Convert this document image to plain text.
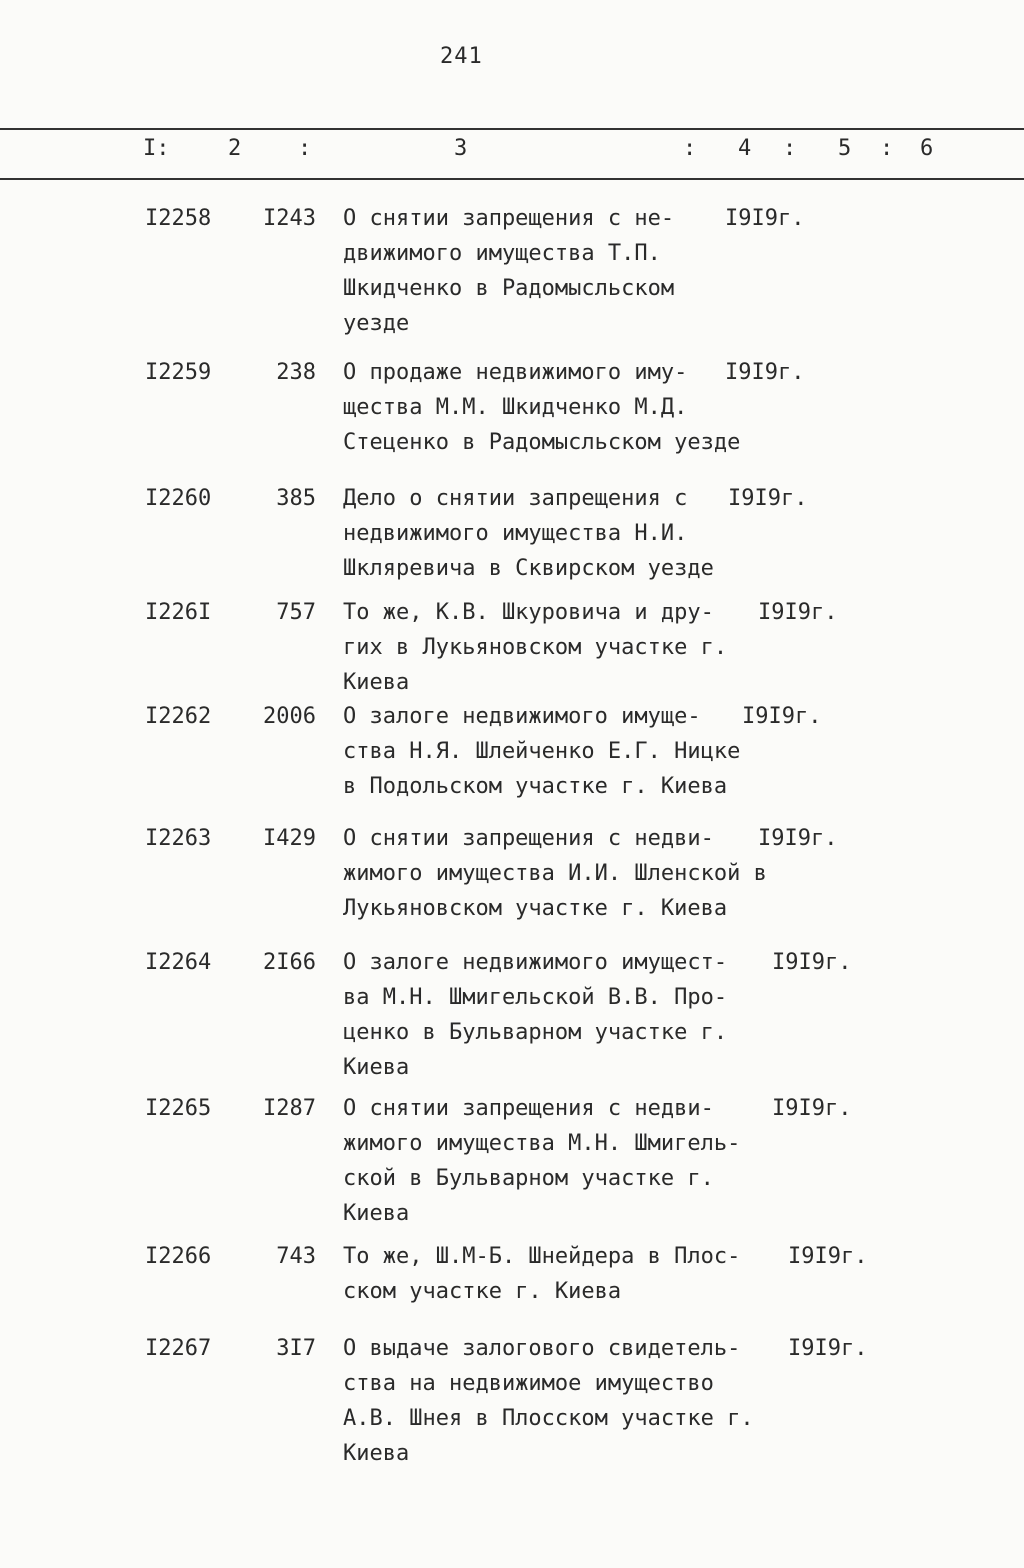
241
I:	2	:	3	: 4 : 5 : 6
I2258	I243 О снятии запрещения с не-
движимого имущества Т.П.
Шкидченко в Радомысльском
уезде
I9I9г.
I2259	238 О продаже недвижимого иму-
щества М.М. Шкидченко М.Д.
Стеценко в Радомысльском уезде
I9I9г.
I2260	385 Дело о снятии запрещения с
недвижимого имущества Н.И.
Шкляревича в Сквирском уезде
I9I9г.
I226I	757 То же, К.В. Шкуровича и дру-
гих в Лукьяновском участке г.
Киева
I9I9г.
I2262	2006 О залоге недвижимого имуще-
ства Н.Я. Шлейченко Е.Г. Ницке
в Подольском участке г. Киева
I9I9г.
I2263	I429 О снятии запрещения с недви-
жимого имущества И.И. Шленской в
Лукьяновском участке г. Киева
I9I9г.
I2264	2I66 О залоге недвижимого имущест-
ва М.Н. Шмигельской В.В. Про-
ценко в Бульварном участке г.
Киева
I9I9г.
I2265	I287 О снятии запрещения с недви-
жимого имущества М.Н. Шмигель-
ской в Бульварном участке г.
Киева
I9I9г.
I2266	743 То же, Ш.М-Б. Шнейдера в Плос-
ском участке г. Киева
I9I9г.
I2267	3I7 О выдаче залогового свидетель-
ства на недвижимое имущество
А.В. Шнея в Плосском участке г.
Киева
I9I9г.
